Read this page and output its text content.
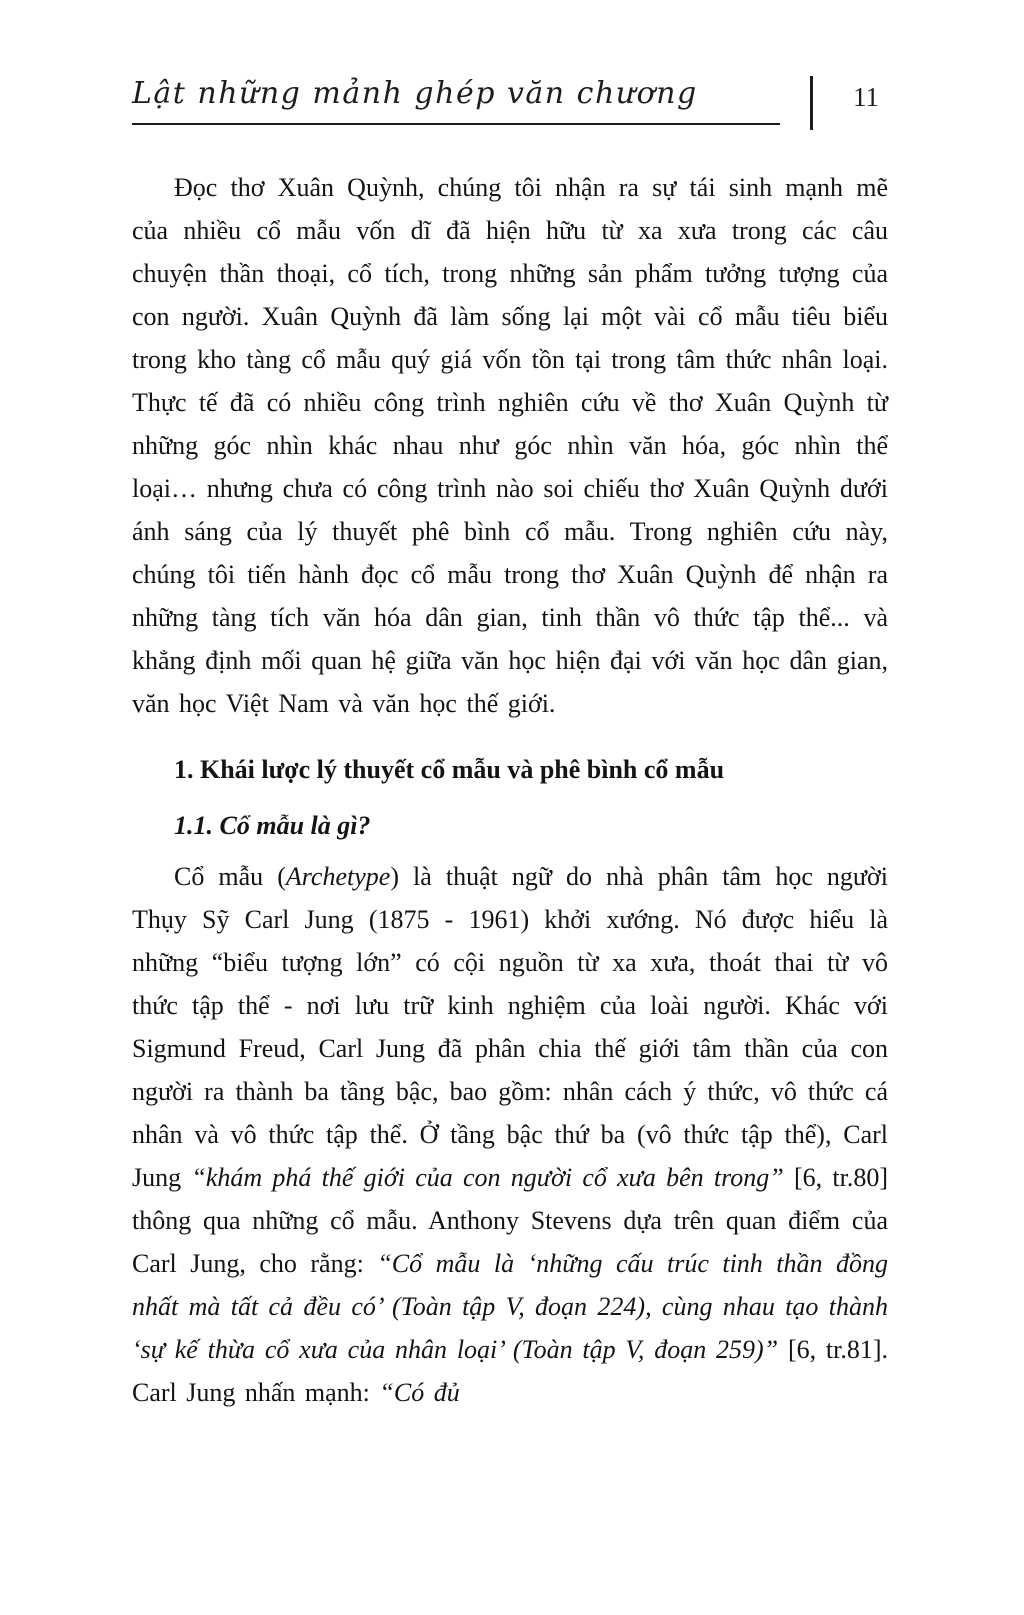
Lật những mảnh ghép văn chương	11

Đọc thơ Xuân Quỳnh, chúng tôi nhận ra sự tái sinh mạnh mẽ của nhiều cổ mẫu vốn dĩ đã hiện hữu từ xa xưa trong các câu chuyện thần thoại, cổ tích, trong những sản phẩm tưởng tượng của con người. Xuân Quỳnh đã làm sống lại một vài cổ mẫu tiêu biểu trong kho tàng cổ mẫu quý giá vốn tồn tại trong tâm thức nhân loại. Thực tế đã có nhiều công trình nghiên cứu về thơ Xuân Quỳnh từ những góc nhìn khác nhau như góc nhìn văn hóa, góc nhìn thể loại… nhưng chưa có công trình nào soi chiếu thơ Xuân Quỳnh dưới ánh sáng của lý thuyết phê bình cổ mẫu. Trong nghiên cứu này, chúng tôi tiến hành đọc cổ mẫu trong thơ Xuân Quỳnh để nhận ra những tàng tích văn hóa dân gian, tinh thần vô thức tập thể... và khẳng định mối quan hệ giữa văn học hiện đại với văn học dân gian, văn học Việt Nam và văn học thế giới.

1. Khái lược lý thuyết cổ mẫu và phê bình cổ mẫu
1.1. Cổ mẫu là gì?

Cổ mẫu (Archetype) là thuật ngữ do nhà phân tâm học người Thụy Sỹ Carl Jung (1875 - 1961) khởi xướng. Nó được hiểu là những “biểu tượng lớn” có cội nguồn từ xa xưa, thoát thai từ vô thức tập thể - nơi lưu trữ kinh nghiệm của loài người. Khác với Sigmund Freud, Carl Jung đã phân chia thế giới tâm thần của con người ra thành ba tầng bậc, bao gồm: nhân cách ý thức, vô thức cá nhân và vô thức tập thể. Ở tầng bậc thứ ba (vô thức tập thể), Carl Jung “khám phá thế giới của con người cổ xưa bên trong” [6, tr.80] thông qua những cổ mẫu. Anthony Stevens dựa trên quan điểm của Carl Jung, cho rằng: “Cổ mẫu là ‘những cấu trúc tinh thần đồng nhất mà tất cả đều có’ (Toàn tập V, đoạn 224), cùng nhau tạo thành ‘sự kế thừa cổ xưa của nhân loại’ (Toàn tập V, đoạn 259)” [6, tr.81]. Carl Jung nhấn mạnh: “Có đủ
